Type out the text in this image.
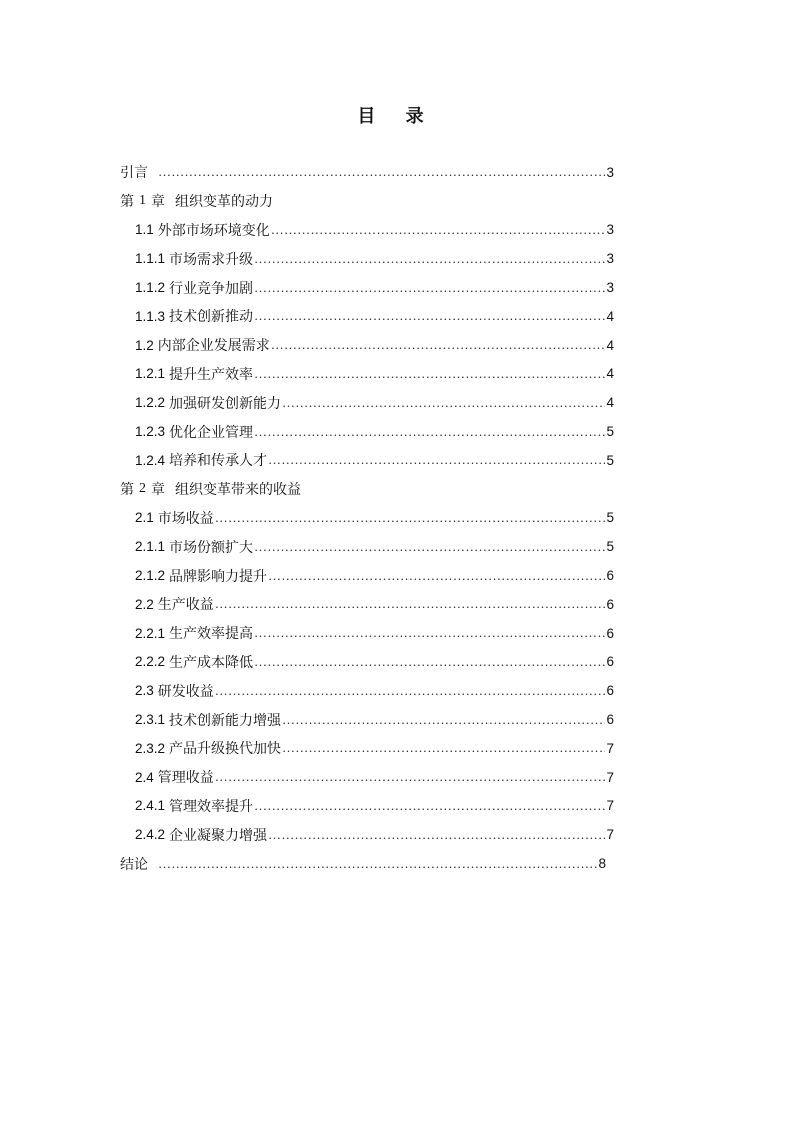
目 录
引言 …………………………………………………………………………………………………………………………………………………………………………………………	3
第 1 章 组织变革的动力
1.1 外部市场环境变化 …………………………………………………………………………………………………………………………………………………………………………………………	3
1.1.1 市场需求升级 …………………………………………………………………………………………………………………………………………………………………………………………	3
1.1.2 行业竞争加剧 …………………………………………………………………………………………………………………………………………………………………………………………	3
1.1.3 技术创新推动 …………………………………………………………………………………………………………………………………………………………………………………………	4
1.2 内部企业发展需求 …………………………………………………………………………………………………………………………………………………………………………………………	4
1.2.1 提升生产效率 …………………………………………………………………………………………………………………………………………………………………………………………	4
1.2.2 加强研发创新能力 …………………………………………………………………………………………………………………………………………………………………………………………	4
1.2.3 优化企业管理 …………………………………………………………………………………………………………………………………………………………………………………………	5
1.2.4 培养和传承人才 …………………………………………………………………………………………………………………………………………………………………………………………	5
第 2 章 组织变革带来的收益
2.1 市场收益 …………………………………………………………………………………………………………………………………………………………………………………………	5
2.1.1 市场份额扩大 …………………………………………………………………………………………………………………………………………………………………………………………	5
2.1.2 品牌影响力提升 …………………………………………………………………………………………………………………………………………………………………………………………	6
2.2 生产收益 …………………………………………………………………………………………………………………………………………………………………………………………	6
2.2.1 生产效率提高 …………………………………………………………………………………………………………………………………………………………………………………………	6
2.2.2 生产成本降低 …………………………………………………………………………………………………………………………………………………………………………………………	6
2.3 研发收益 …………………………………………………………………………………………………………………………………………………………………………………………	6
2.3.1 技术创新能力增强 …………………………………………………………………………………………………………………………………………………………………………………………	6
2.3.2 产品升级换代加快 …………………………………………………………………………………………………………………………………………………………………………………………	7
2.4 管理收益 …………………………………………………………………………………………………………………………………………………………………………………………	7
2.4.1 管理效率提升 …………………………………………………………………………………………………………………………………………………………………………………………	7
2.4.2 企业凝聚力增强 …………………………………………………………………………………………………………………………………………………………………………………………	7
结论 …………………………………………………………………………………………………………………………………………………………………………………………	8
